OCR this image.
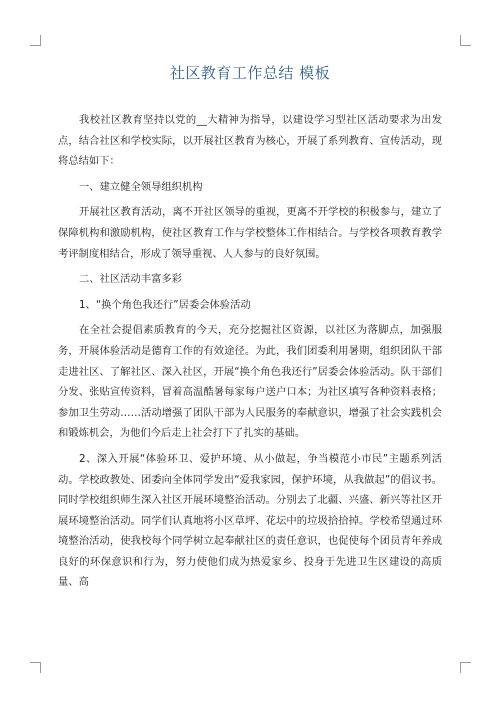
社区教育工作总结 模板

我校社区教育坚持以党的__大精神为指导，以建设学习型社区活动要求为出发点，结合社区和学校实际，以开展社区教育为核心，开展了系列教育、宣传活动，现将总结如下：

一、建立健全领导组织机构

开展社区教育活动，离不开社区领导的重视，更离不开学校的积极参与，建立了保障机构和激励机构，使社区教育工作与学校整体工作相结合。与学校各项教育教学考评制度相结合，形成了领导重视、人人参与的良好氛围。

二、社区活动丰富多彩

1、“换个角色我还行”居委会体验活动

在全社会提倡素质教育的今天，充分挖掘社区资源，以社区为落脚点，加强服务，开展体验活动是德育工作的有效途径。为此，我们团委利用暑期，组织团队干部走进社区、了解社区、深入社区，开展“换个角色我还行”居委会体验活动。队干部们分发、张贴宣传资料，冒着高温酷暑每家每户送户口本；为社区填写各种资料表格；参加卫生劳动……活动增强了团队干部为人民服务的奉献意识，增强了社会实践机会和锻炼机会，为他们今后走上社会打下了扎实的基础。

2、深入开展“体验环卫、爱护环境、从小做起，争当模范小市民”主题系列活动。学校政教处、团委向全体同学发出“爱我家园，保护环境，从我做起”的倡议书。同时学校组织师生深入社区开展环境整治活动。分别去了北疆、兴盛、新兴等社区开展环境整治活动。同学们认真地将小区草坪、花坛中的垃圾拾拾掉。学校希望通过环境整治活动，使我校每个同学树立起奉献社区的责任意识，也促使每个团员青年养成良好的环保意识和行为，努力使他们成为热爱家乡、投身于先进卫生区建设的高质量、高
